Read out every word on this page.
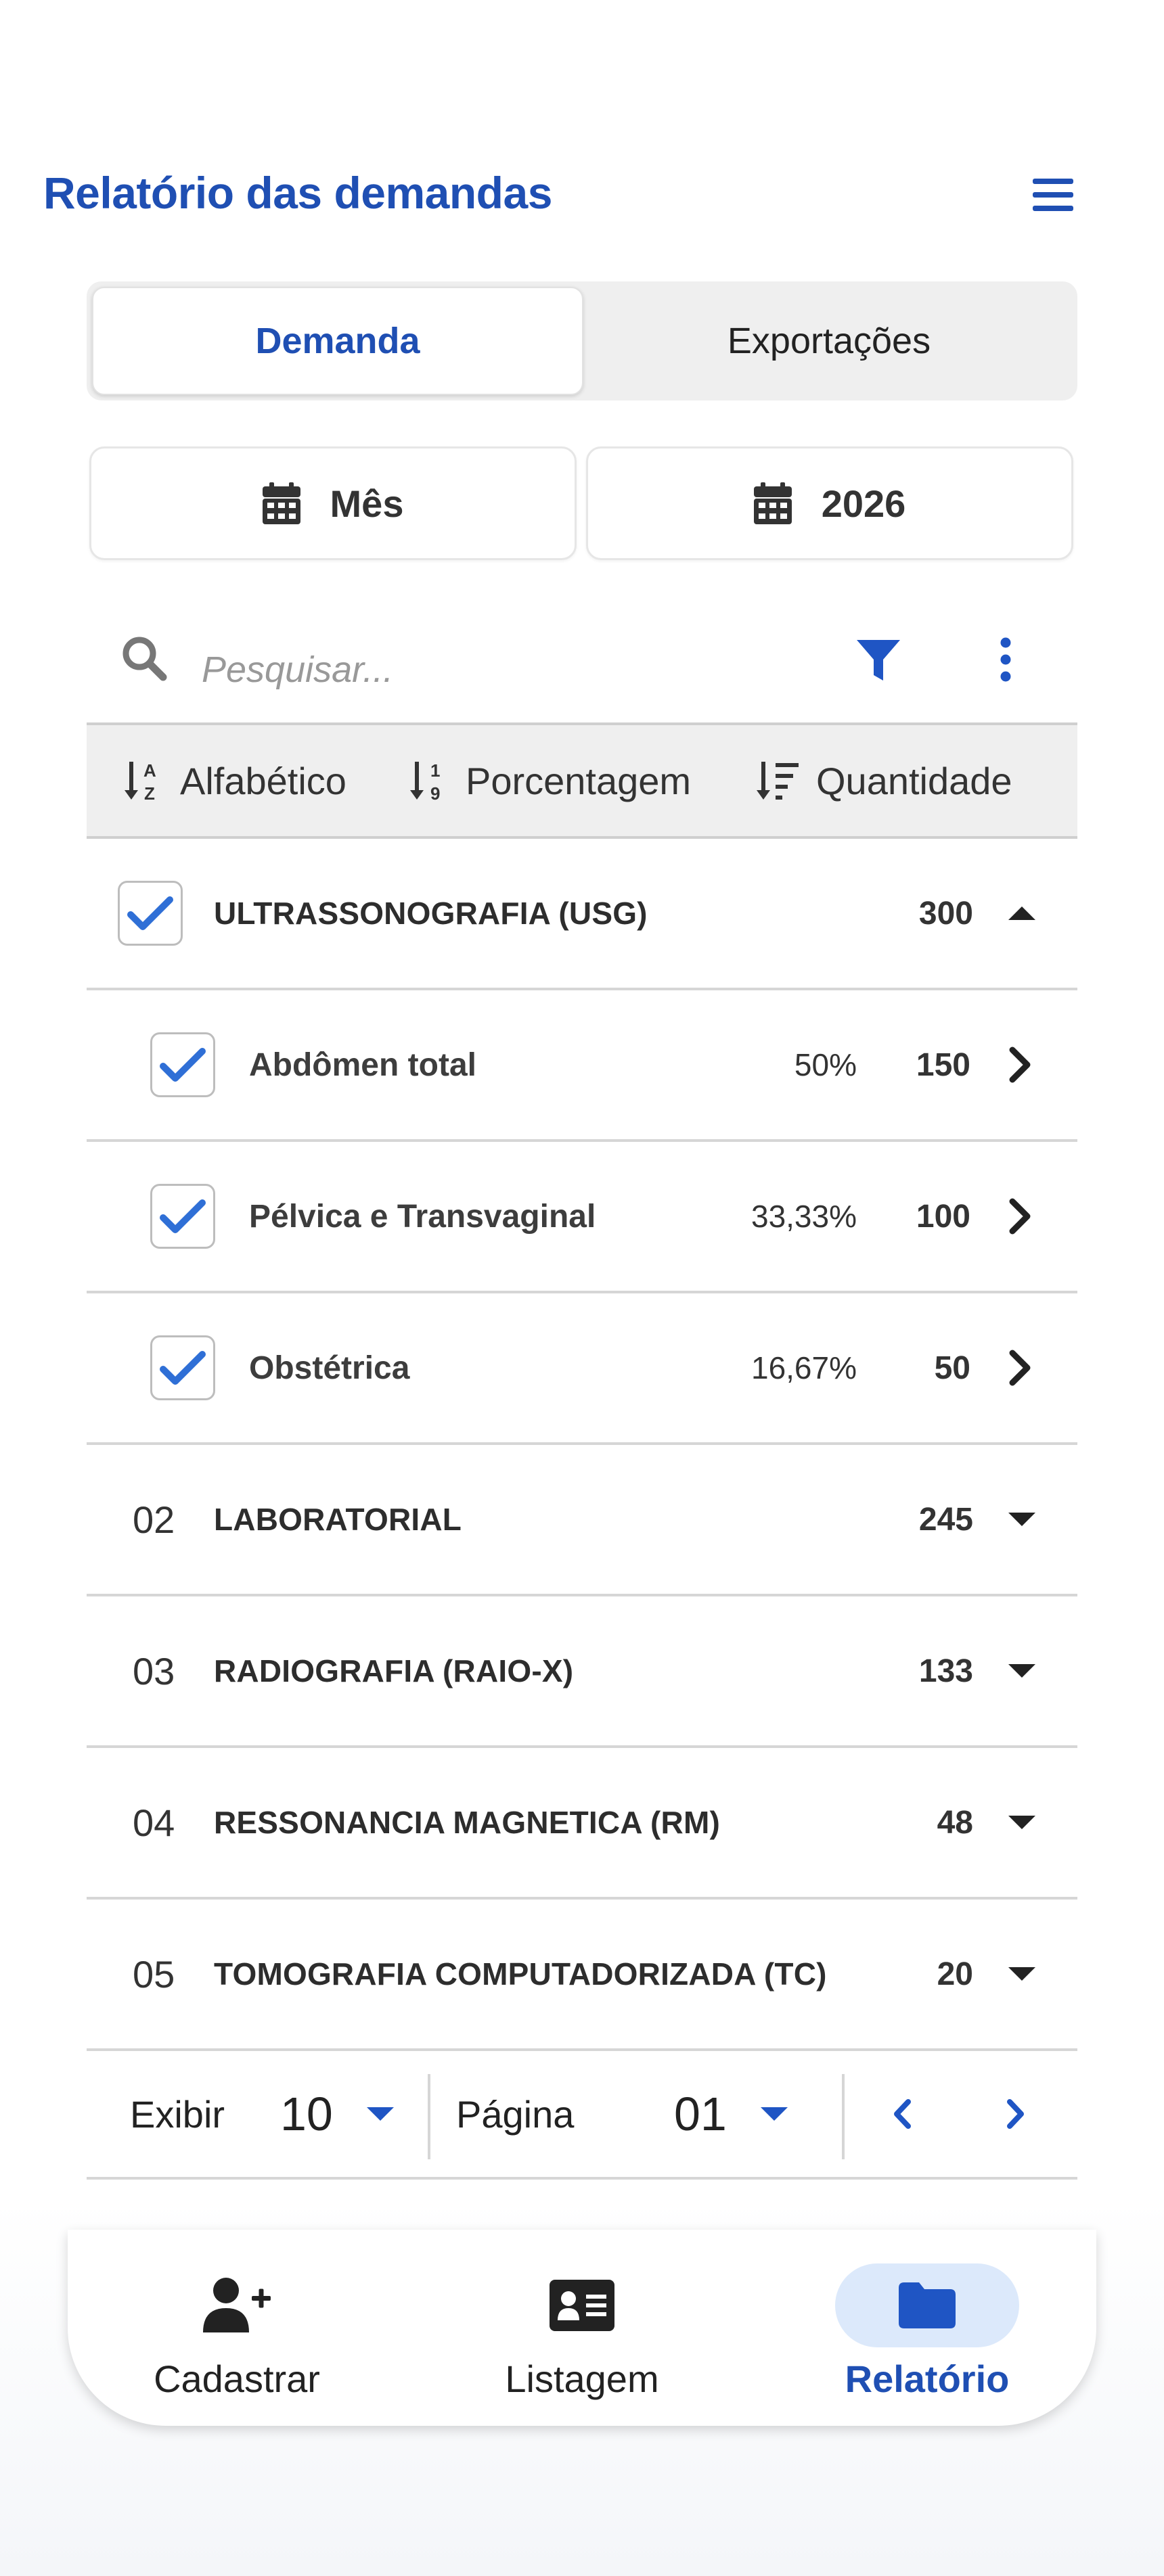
Relatório das demandas
Demanda	Exportações
Mês	2026
Pesquisar...
A
Z Alfabético	1
9 Porcentagem	Quantidade
ULTRASSONOGRAFIA (USG)	300
Abdômen total	50% 150
Pélvica e Transvaginal	33,33% 100
Obstétrica	16,67% 50
02 LABORATORIAL	245
03 RADIOGRAFIA (RAIO-X)	133
04 RESSONANCIA MAGNETICA (RM)	48
05 TOMOGRAFIA COMPUTADORIZADA (TC)	20
Exibir 10	Página 01
Cadastrar	Listagem	Relatório
